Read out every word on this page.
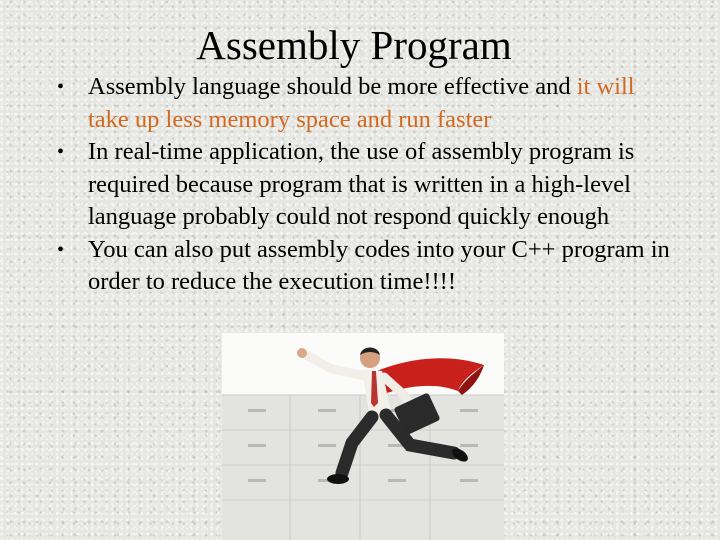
Assembly Program
• Assembly language should be more effective and it will take up less memory space and run faster
• In real-time application, the use of assembly program is required because program that is written in a high-level language probably could not respond quickly enough
• You can also put assembly codes into your C++ program in order to reduce the execution time!!!!
